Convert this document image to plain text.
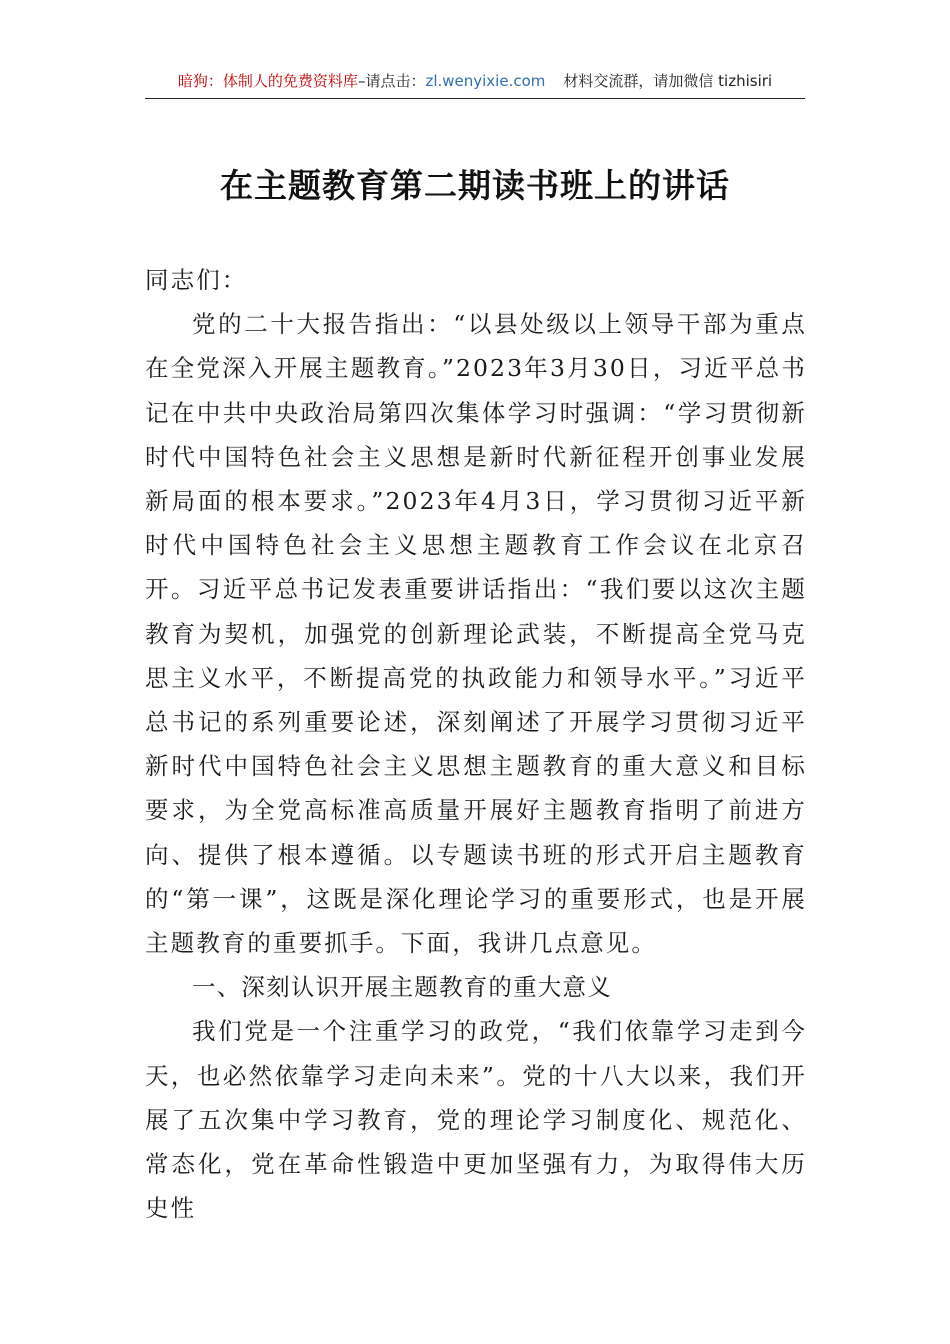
暗狗：体制人的免费资料库–请点击：zl.wenyixie.com 材料交流群，请加微信 tizhisiri
在主题教育第二期读书班上的讲话

同志们：

党的二十大报告指出：“以县处级以上领导干部为重点在全党深入开展主题教育。”2023年3月30日，习近平总书记在中共中央政治局第四次集体学习时强调：“学习贯彻新时代中国特色社会主义思想是新时代新征程开创事业发展新局面的根本要求。”2023年4月3日，学习贯彻习近平新时代中国特色社会主义思想主题教育工作会议在北京召开。习近平总书记发表重要讲话指出：“我们要以这次主题教育为契机，加强党的创新理论武装，不断提高全党马克思主义水平，不断提高党的执政能力和领导水平。”习近平总书记的系列重要论述，深刻阐述了开展学习贯彻习近平新时代中国特色社会主义思想主题教育的重大意义和目标要求，为全党高标准高质量开展好主题教育指明了前进方向、提供了根本遵循。以专题读书班的形式开启主题教育的“第一课”，这既是深化理论学习的重要形式，也是开展主题教育的重要抓手。下面，我讲几点意见。

一、深刻认识开展主题教育的重大意义

我们党是一个注重学习的政党，“我们依靠学习走到今天，也必然依靠学习走向未来”。党的十八大以来，我们开展了五次集中学习教育，党的理论学习制度化、规范化、常态化，党在革命性锻造中更加坚强有力，为取得伟大历史性
